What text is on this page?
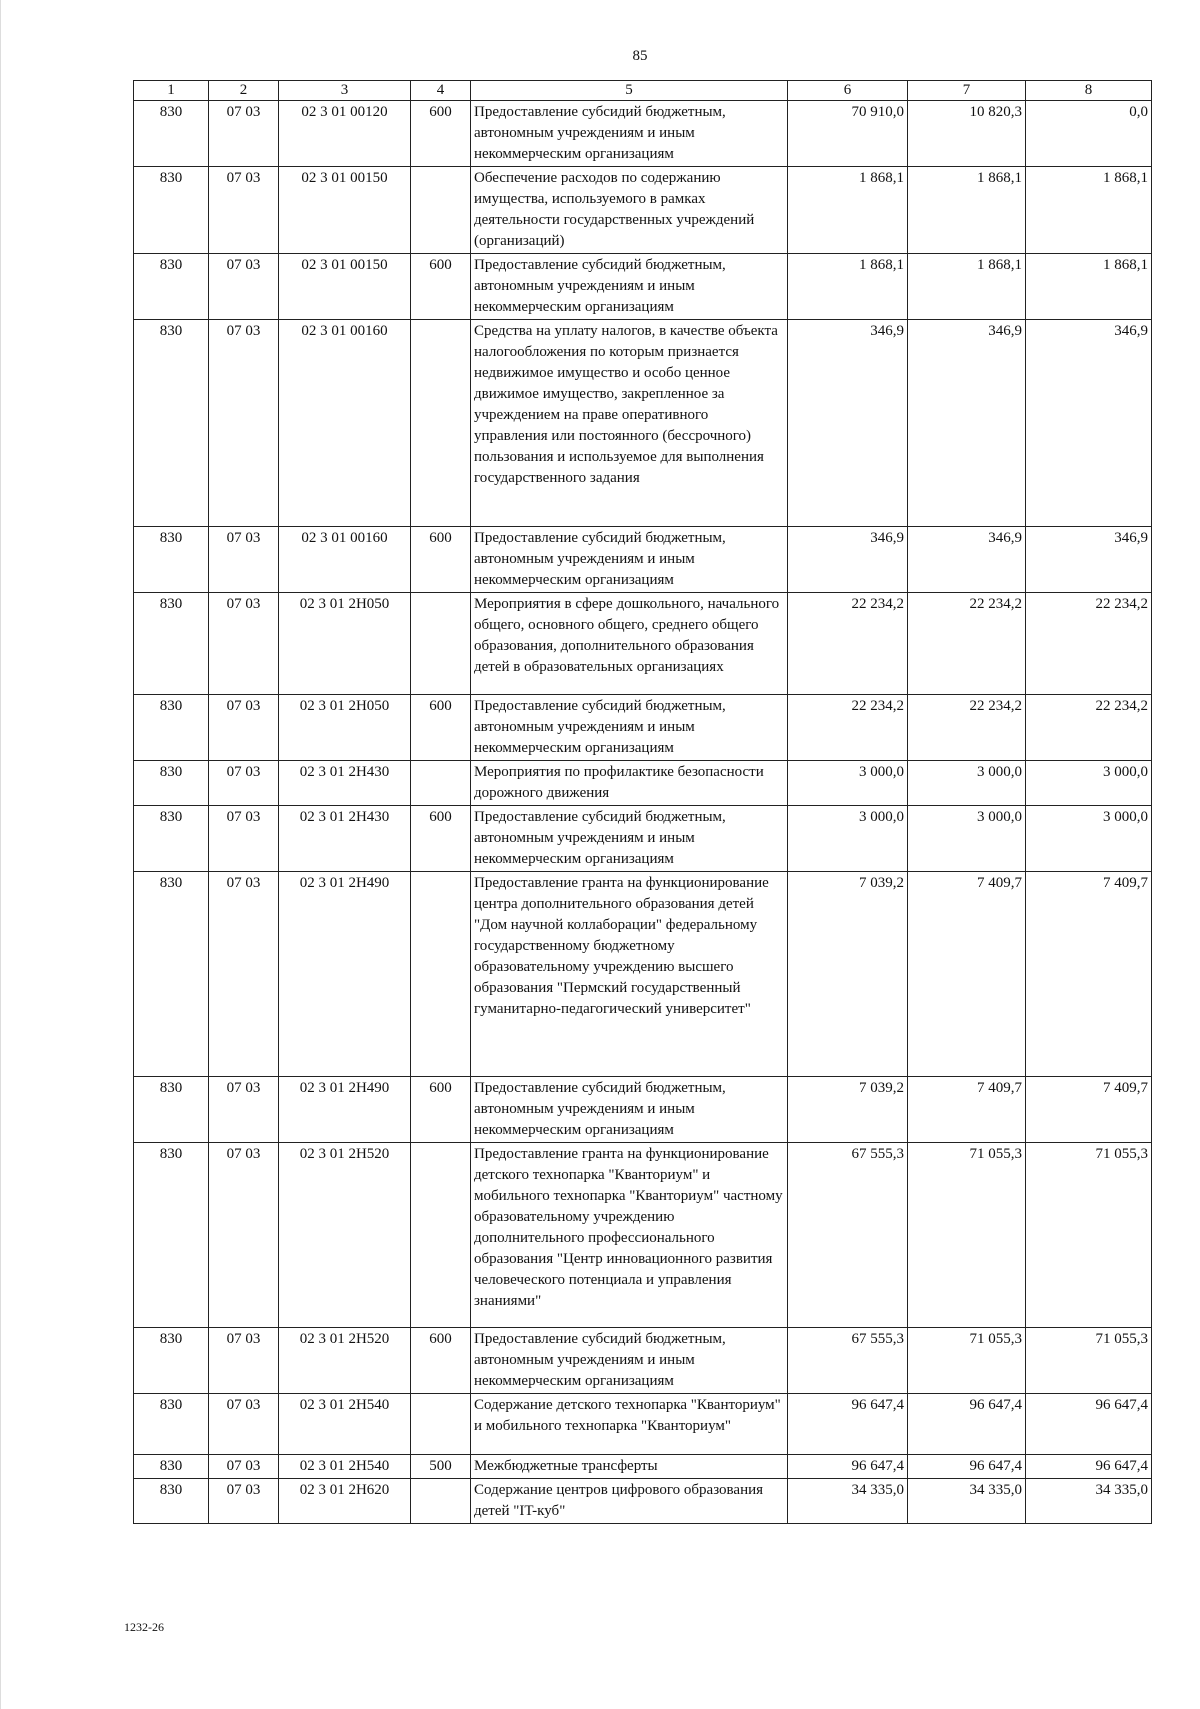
85
1	2	3	4	5	6	7	8
830	07 03	02 3 01 00120	600	Предоставление субсидий бюджетным, автономным учреждениям и иным некоммерческим организациям	70 910,0	10 820,3	0,0
830	07 03	02 3 01 00150		Обеспечение расходов по содержанию имущества, используемого в рамках деятельности государственных учреждений (организаций)	1 868,1	1 868,1	1 868,1
830	07 03	02 3 01 00150	600	Предоставление субсидий бюджетным, автономным учреждениям и иным некоммерческим организациям	1 868,1	1 868,1	1 868,1
830	07 03	02 3 01 00160		Средства на уплату налогов, в качестве объекта налогообложения по которым признается недвижимое имущество и особо ценное движимое имущество, закрепленное за учреждением на праве оперативного управления или постоянного (бессрочного) пользования и используемое для выполнения государственного задания	346,9	346,9	346,9
830	07 03	02 3 01 00160	600	Предоставление субсидий бюджетным, автономным учреждениям и иным некоммерческим организациям	346,9	346,9	346,9
830	07 03	02 3 01 2Н050		Мероприятия в сфере дошкольного, начального общего, основного общего, среднего общего образования, дополнительного образования детей в образовательных организациях	22 234,2	22 234,2	22 234,2
830	07 03	02 3 01 2Н050	600	Предоставление субсидий бюджетным, автономным учреждениям и иным некоммерческим организациям	22 234,2	22 234,2	22 234,2
830	07 03	02 3 01 2Н430		Мероприятия по профилактике безопасности дорожного движения	3 000,0	3 000,0	3 000,0
830	07 03	02 3 01 2Н430	600	Предоставление субсидий бюджетным, автономным учреждениям и иным некоммерческим организациям	3 000,0	3 000,0	3 000,0
830	07 03	02 3 01 2Н490		Предоставление гранта на функционирование центра дополнительного образования детей "Дом научной коллаборации" федеральному государственному бюджетному образовательному учреждению высшего образования "Пермский государственный гуманитарно-педагогический университет"	7 039,2	7 409,7	7 409,7
830	07 03	02 3 01 2Н490	600	Предоставление субсидий бюджетным, автономным учреждениям и иным некоммерческим организациям	7 039,2	7 409,7	7 409,7
830	07 03	02 3 01 2Н520		Предоставление гранта на функционирование детского технопарка "Кванториум" и мобильного технопарка "Кванториум" частному образовательному учреждению дополнительного профессионального образования "Центр инновационного развития человеческого потенциала и управления знаниями"	67 555,3	71 055,3	71 055,3
830	07 03	02 3 01 2Н520	600	Предоставление субсидий бюджетным, автономным учреждениям и иным некоммерческим организациям	67 555,3	71 055,3	71 055,3
830	07 03	02 3 01 2Н540		Содержание детского технопарка "Кванториум" и мобильного технопарка "Кванториум"	96 647,4	96 647,4	96 647,4
830	07 03	02 3 01 2Н540	500	Межбюджетные трансферты	96 647,4	96 647,4	96 647,4
830	07 03	02 3 01 2Н620		Содержание центров цифрового образования детей "IT-куб"	34 335,0	34 335,0	34 335,0
1232-26
